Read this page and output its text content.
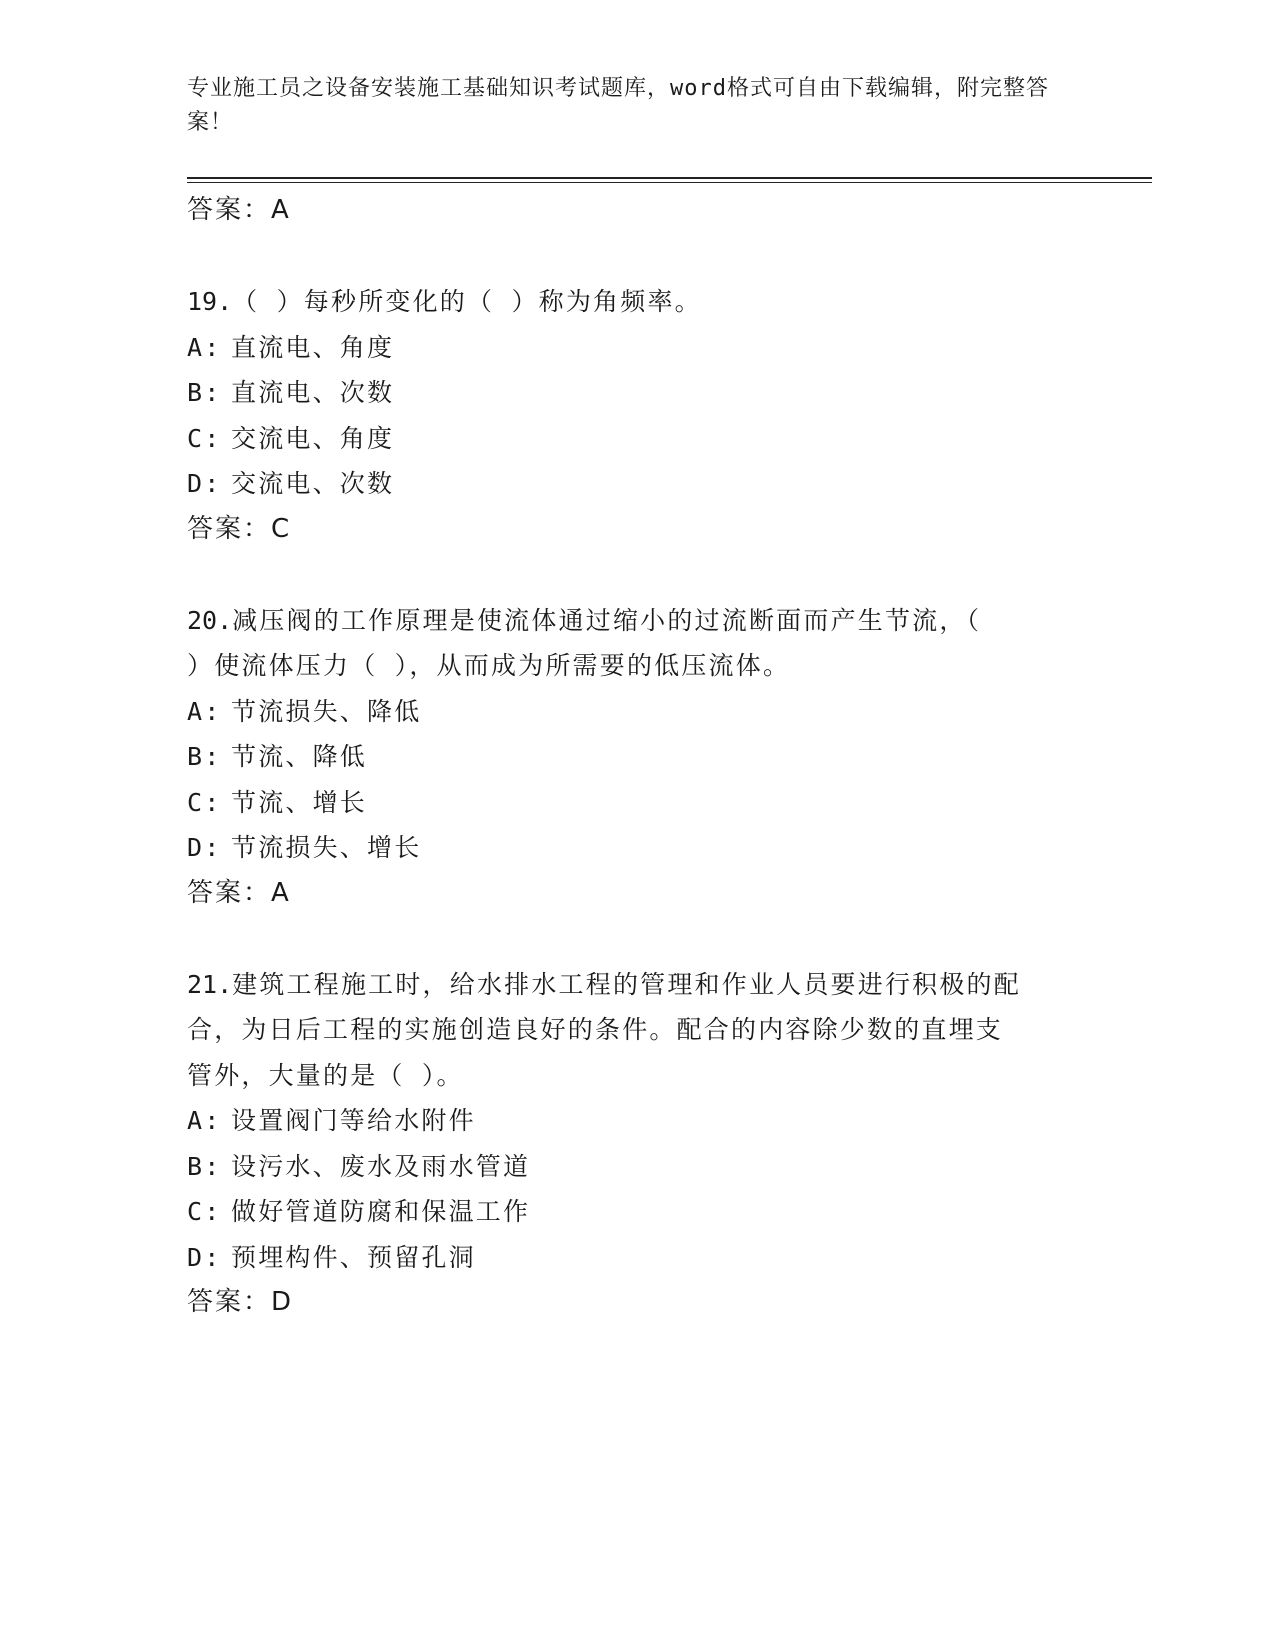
专业施工员之设备安装施工基础知识考试题库，word格式可自由下载编辑，附完整答案！
答案：A
19.（ ）每秒所变化的（ ）称为角频率。
A: 直流电、角度
B: 直流电、次数
C: 交流电、角度
D: 交流电、次数
答案：C
20.减压阀的工作原理是使流体通过缩小的过流断面而产生节流，（
）使流体压力（ ），从而成为所需要的低压流体。
A: 节流损失、降低
B: 节流、降低
C: 节流、增长
D: 节流损失、增长
答案：A
21.建筑工程施工时，给水排水工程的管理和作业人员要进行积极的配
合，为日后工程的实施创造良好的条件。配合的内容除少数的直埋支
管外，大量的是（ ）。
A: 设置阀门等给水附件
B: 设污水、废水及雨水管道
C: 做好管道防腐和保温工作
D: 预埋构件、预留孔洞
答案：D
